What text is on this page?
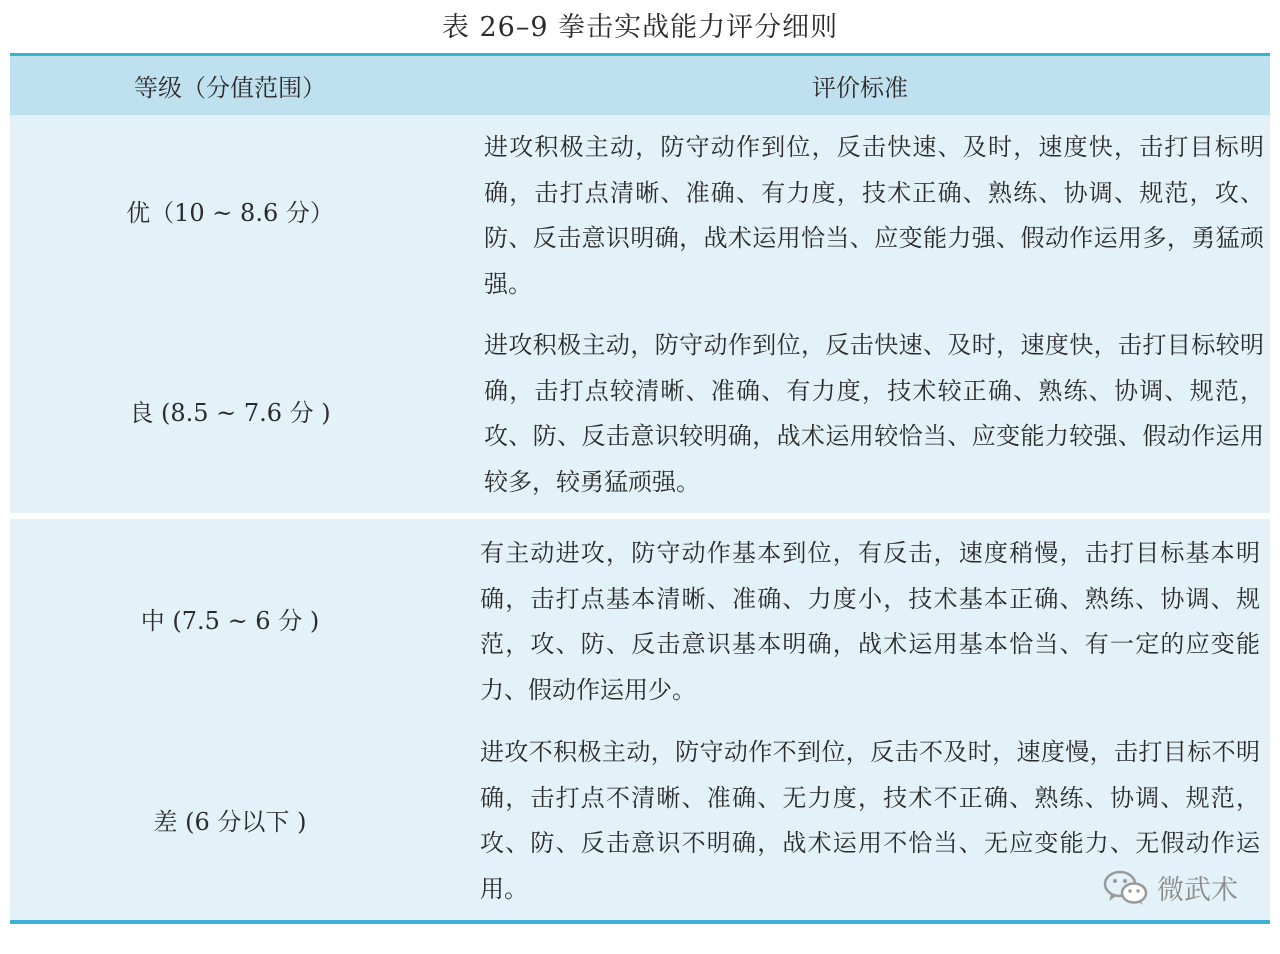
表 26–9 拳击实战能力评分细则
等级（分值范围）	评价标准
优（10 ~ 8.6 分）
进攻积极主动，防守动作到位，反击快速、及时，速度快，击打目标明确，击打点清晰、准确、有力度，技术正确、熟练、协调、规范，攻、防、反击意识明确，战术运用恰当、应变能力强、假动作运用多，勇猛顽强。
良 (8.5 ~ 7.6 分 )
进攻积极主动，防守动作到位，反击快速、及时，速度快，击打目标较明确，击打点较清晰、准确、有力度，技术较正确、熟练、协调、规范，攻、防、反击意识较明确，战术运用较恰当、应变能力较强、假动作运用较多，较勇猛顽强。
中 (7.5 ~ 6 分 )
有主动进攻，防守动作基本到位，有反击，速度稍慢，击打目标基本明确，击打点基本清晰、准确、力度小，技术基本正确、熟练、协调、规范，攻、防、反击意识基本明确，战术运用基本恰当、有一定的应变能力、假动作运用少。
差 (6 分以下 )
进攻不积极主动，防守动作不到位，反击不及时，速度慢，击打目标不明确，击打点不清晰、准确、无力度，技术不正确、熟练、协调、规范，攻、防、反击意识不明确，战术运用不恰当、无应变能力、无假动作运用。	微武术
